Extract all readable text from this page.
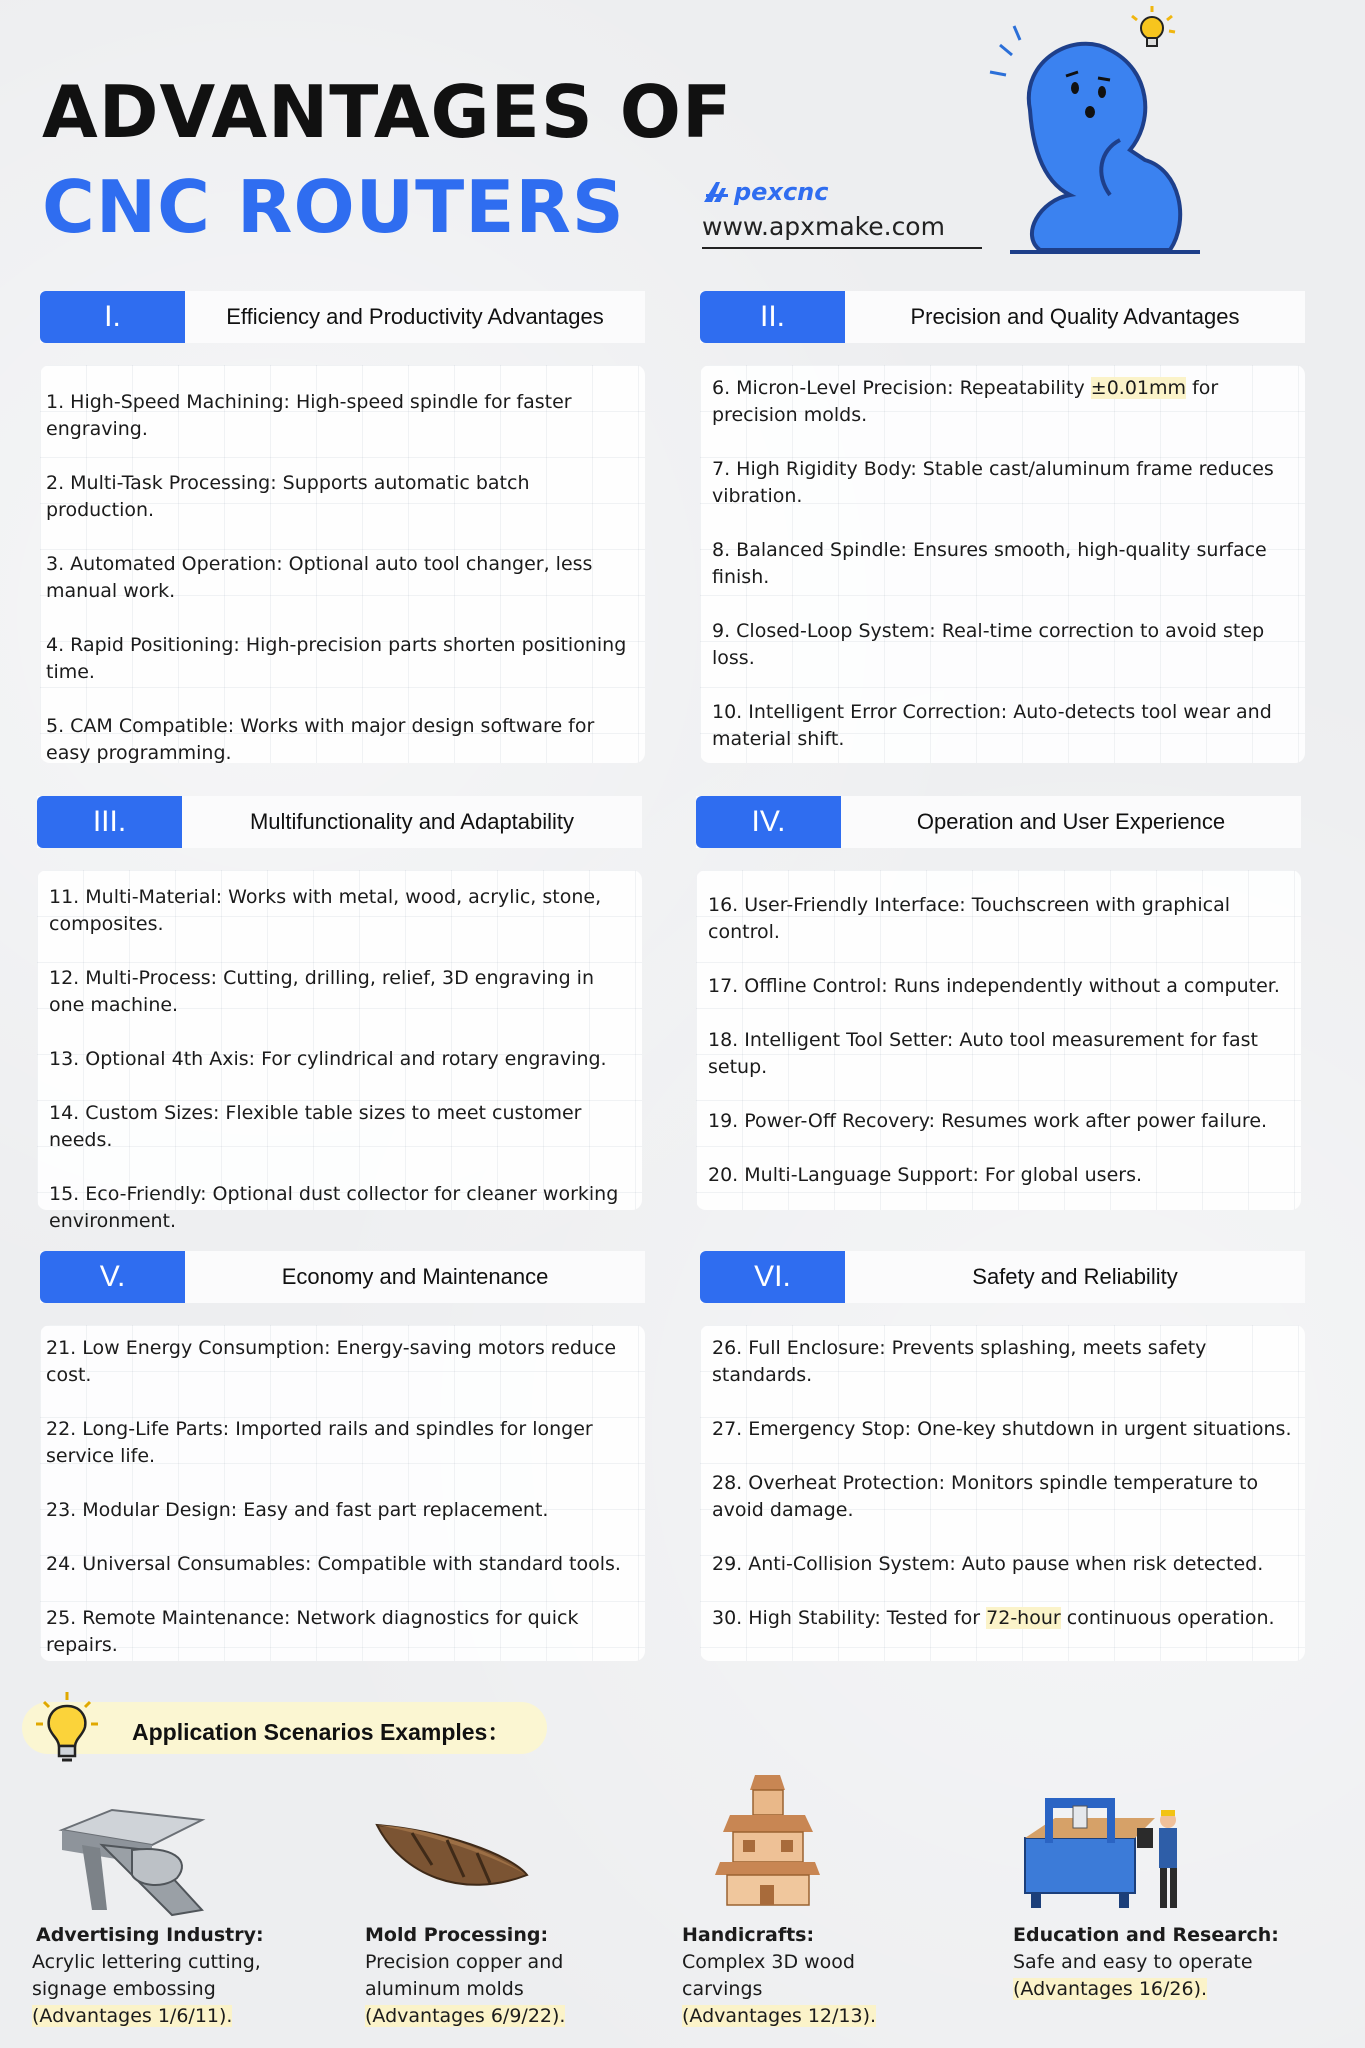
ADVANTAGES OF
CNC ROUTERS	pexcnc
www.apxmake.com
I.	Efficiency and Productivity Advantages
1. High-Speed Machining: High-speed spindle for faster engraving.
2. Multi-Task Processing: Supports automatic batch production.
3. Automated Operation: Optional auto tool changer, less manual work.
4. Rapid Positioning: High-precision parts shorten positioning time.
5. CAM Compatible: Works with major design software for easy programming.
II.	Precision and Quality Advantages
6. Micron-Level Precision: Repeatability ±0.01mm for precision molds.
7. High Rigidity Body: Stable cast/aluminum frame reduces vibration.
8. Balanced Spindle: Ensures smooth, high-quality surface finish.
9. Closed-Loop System: Real-time correction to avoid step loss.
10. Intelligent Error Correction: Auto-detects tool wear and material shift.
III.	Multifunctionality and Adaptability
11. Multi-Material: Works with metal, wood, acrylic, stone, composites.
12. Multi-Process: Cutting, drilling, relief, 3D engraving in one machine.
13. Optional 4th Axis: For cylindrical and rotary engraving.
14. Custom Sizes: Flexible table sizes to meet customer needs.
15. Eco-Friendly: Optional dust collector for cleaner working environment.
IV.	Operation and User Experience
16. User-Friendly Interface: Touchscreen with graphical control.
17. Offline Control: Runs independently without a computer.
18. Intelligent Tool Setter: Auto tool measurement for fast setup.
19. Power-Off Recovery: Resumes work after power failure.
20. Multi-Language Support: For global users.
V.	Economy and Maintenance
21. Low Energy Consumption: Energy-saving motors reduce cost.
22. Long-Life Parts: Imported rails and spindles for longer service life.
23. Modular Design: Easy and fast part replacement.
24. Universal Consumables: Compatible with standard tools.
25. Remote Maintenance: Network diagnostics for quick repairs.
VI.	Safety and Reliability
26. Full Enclosure: Prevents splashing, meets safety standards.
27. Emergency Stop: One-key shutdown in urgent situations.
28. Overheat Protection: Monitors spindle temperature to avoid damage.
29. Anti-Collision System: Auto pause when risk detected.
30. High Stability: Tested for 72-hour continuous operation.
Application Scenarios Examples：
Advertising Industry:
Acrylic lettering cutting, signage embossing
(Advantages 1/6/11).
Mold Processing:
Precision copper and aluminum molds
(Advantages 6/9/22).
Handicrafts:
Complex 3D wood carvings
(Advantages 12/13).
Education and Research:
Safe and easy to operate
(Advantages 16/26).
